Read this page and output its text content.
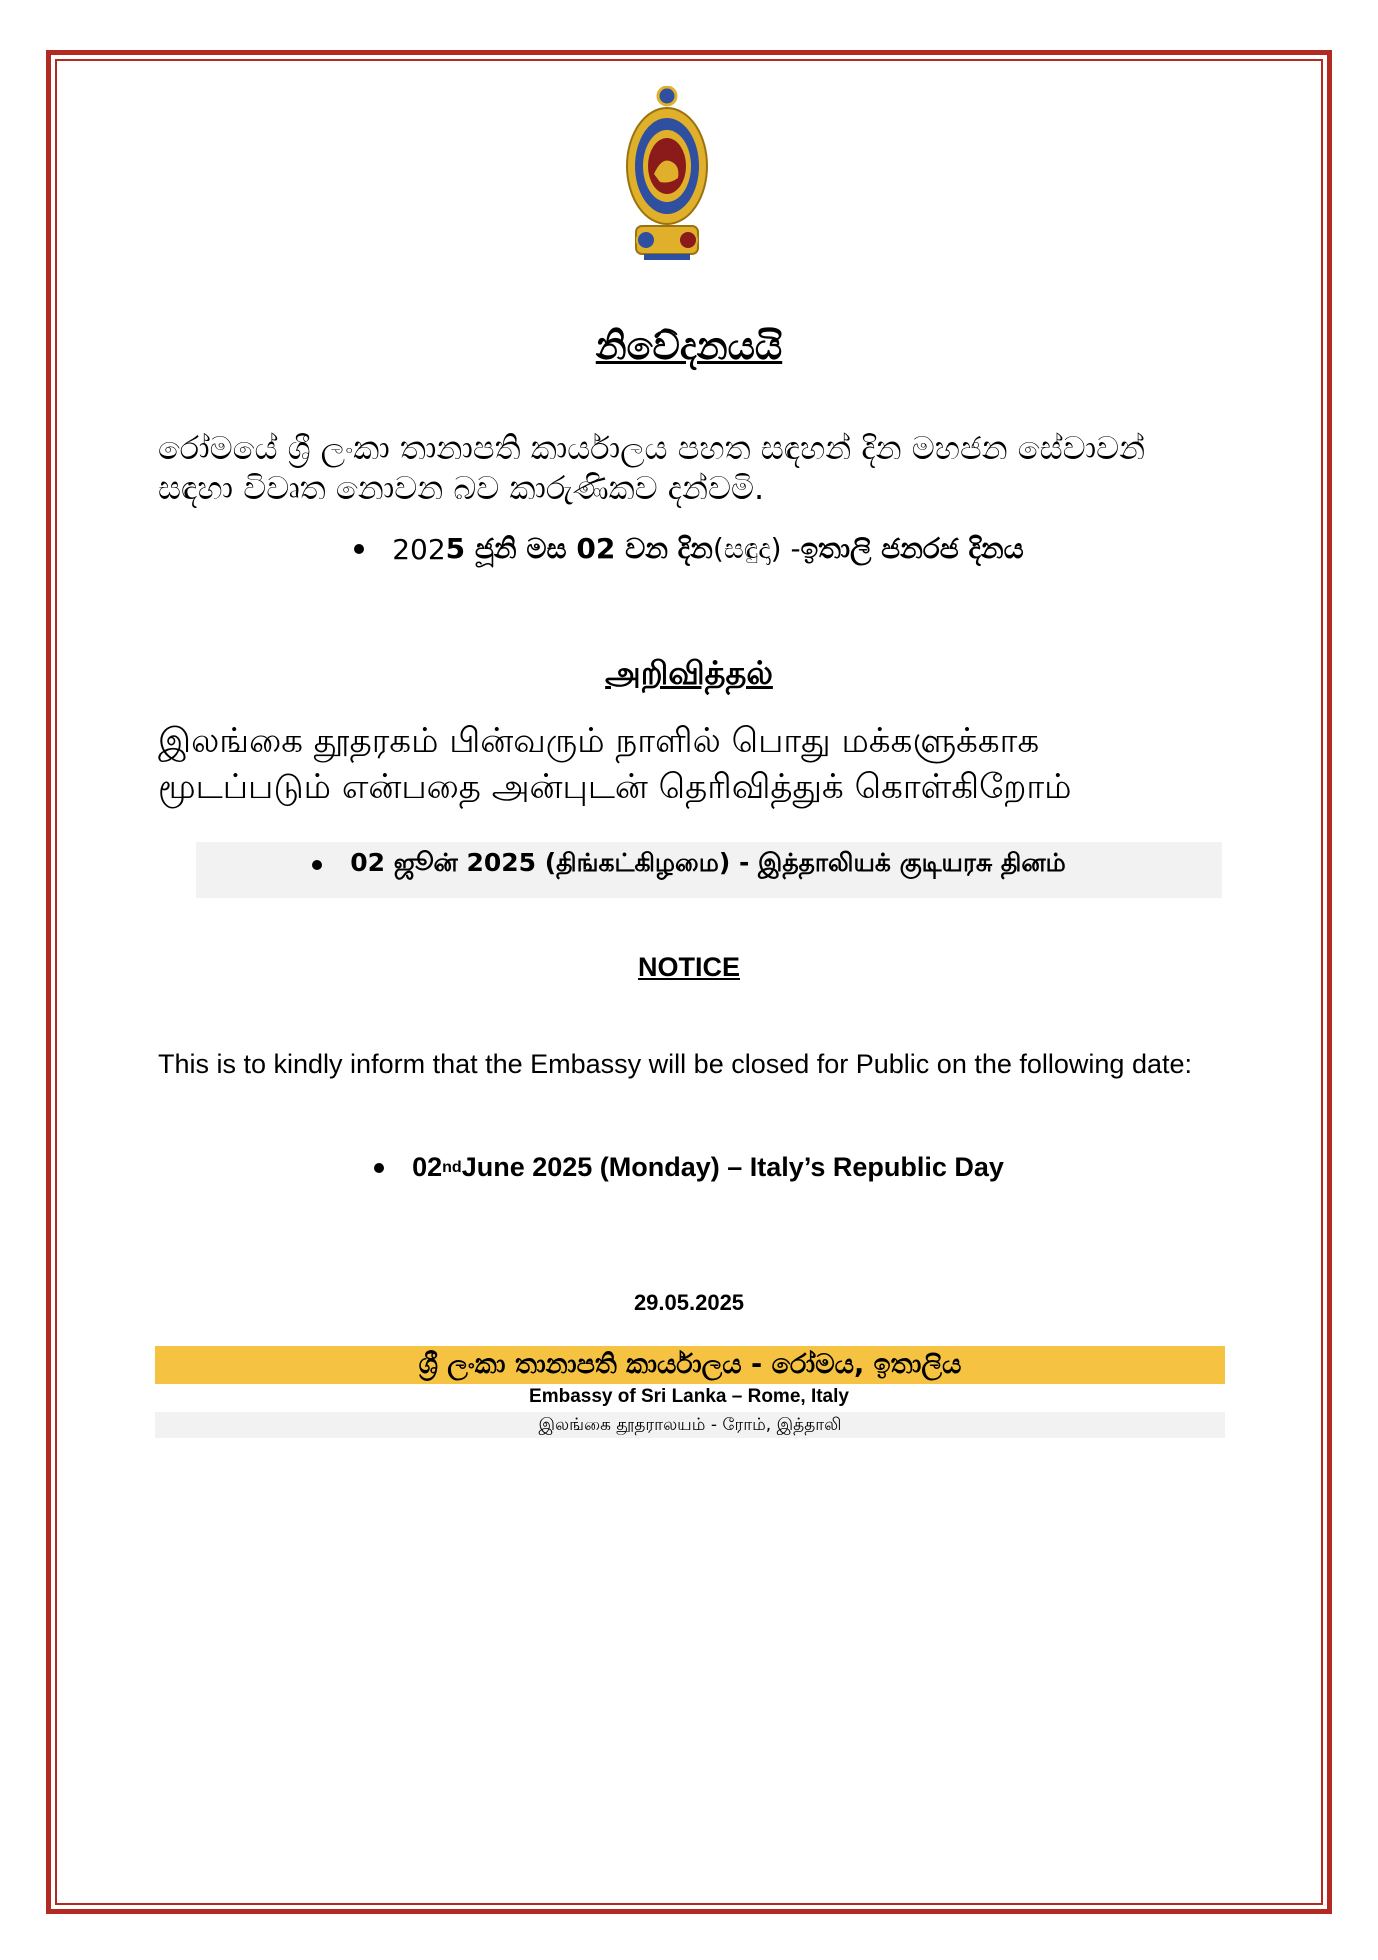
නිවේදනයයි
රෝමයේ ශ්‍රී ලංකා තානාපති කාර්යාලය පහත සඳහන් දින මහජන සේවාවන් සඳහා විවෘත නොවන බව කාරුණිකව දන්වමි.
202 5 ජූනි මස 02 වන දින (සඳුදා) - ඉතාලි ජනරජ දිනය
அறிவித்தல்
இலங்கை தூதரகம் பின்வரும் நாளில் பொது மக்களுக்காக மூடப்படும் என்பதை அன்புடன் தெரிவித்துக் கொள்கிறோம்
02 ஜூன் 2025 (திங்கட்கிழமை) - இத்தாலியக் குடியரசு தினம்
NOTICE
This is to kindly inform that the Embassy will be closed for Public on the following date:
02 nd June 2025 (Monday) – Italy’s Republic Day
29.05.2025
ශ්‍රී ලංකා තානාපති කාර්යාලය - රෝමය, ඉතාලිය
Embassy of Sri Lanka – Rome, Italy
இலங்கை தூதராலயம் - ரோம், இத்தாலி
